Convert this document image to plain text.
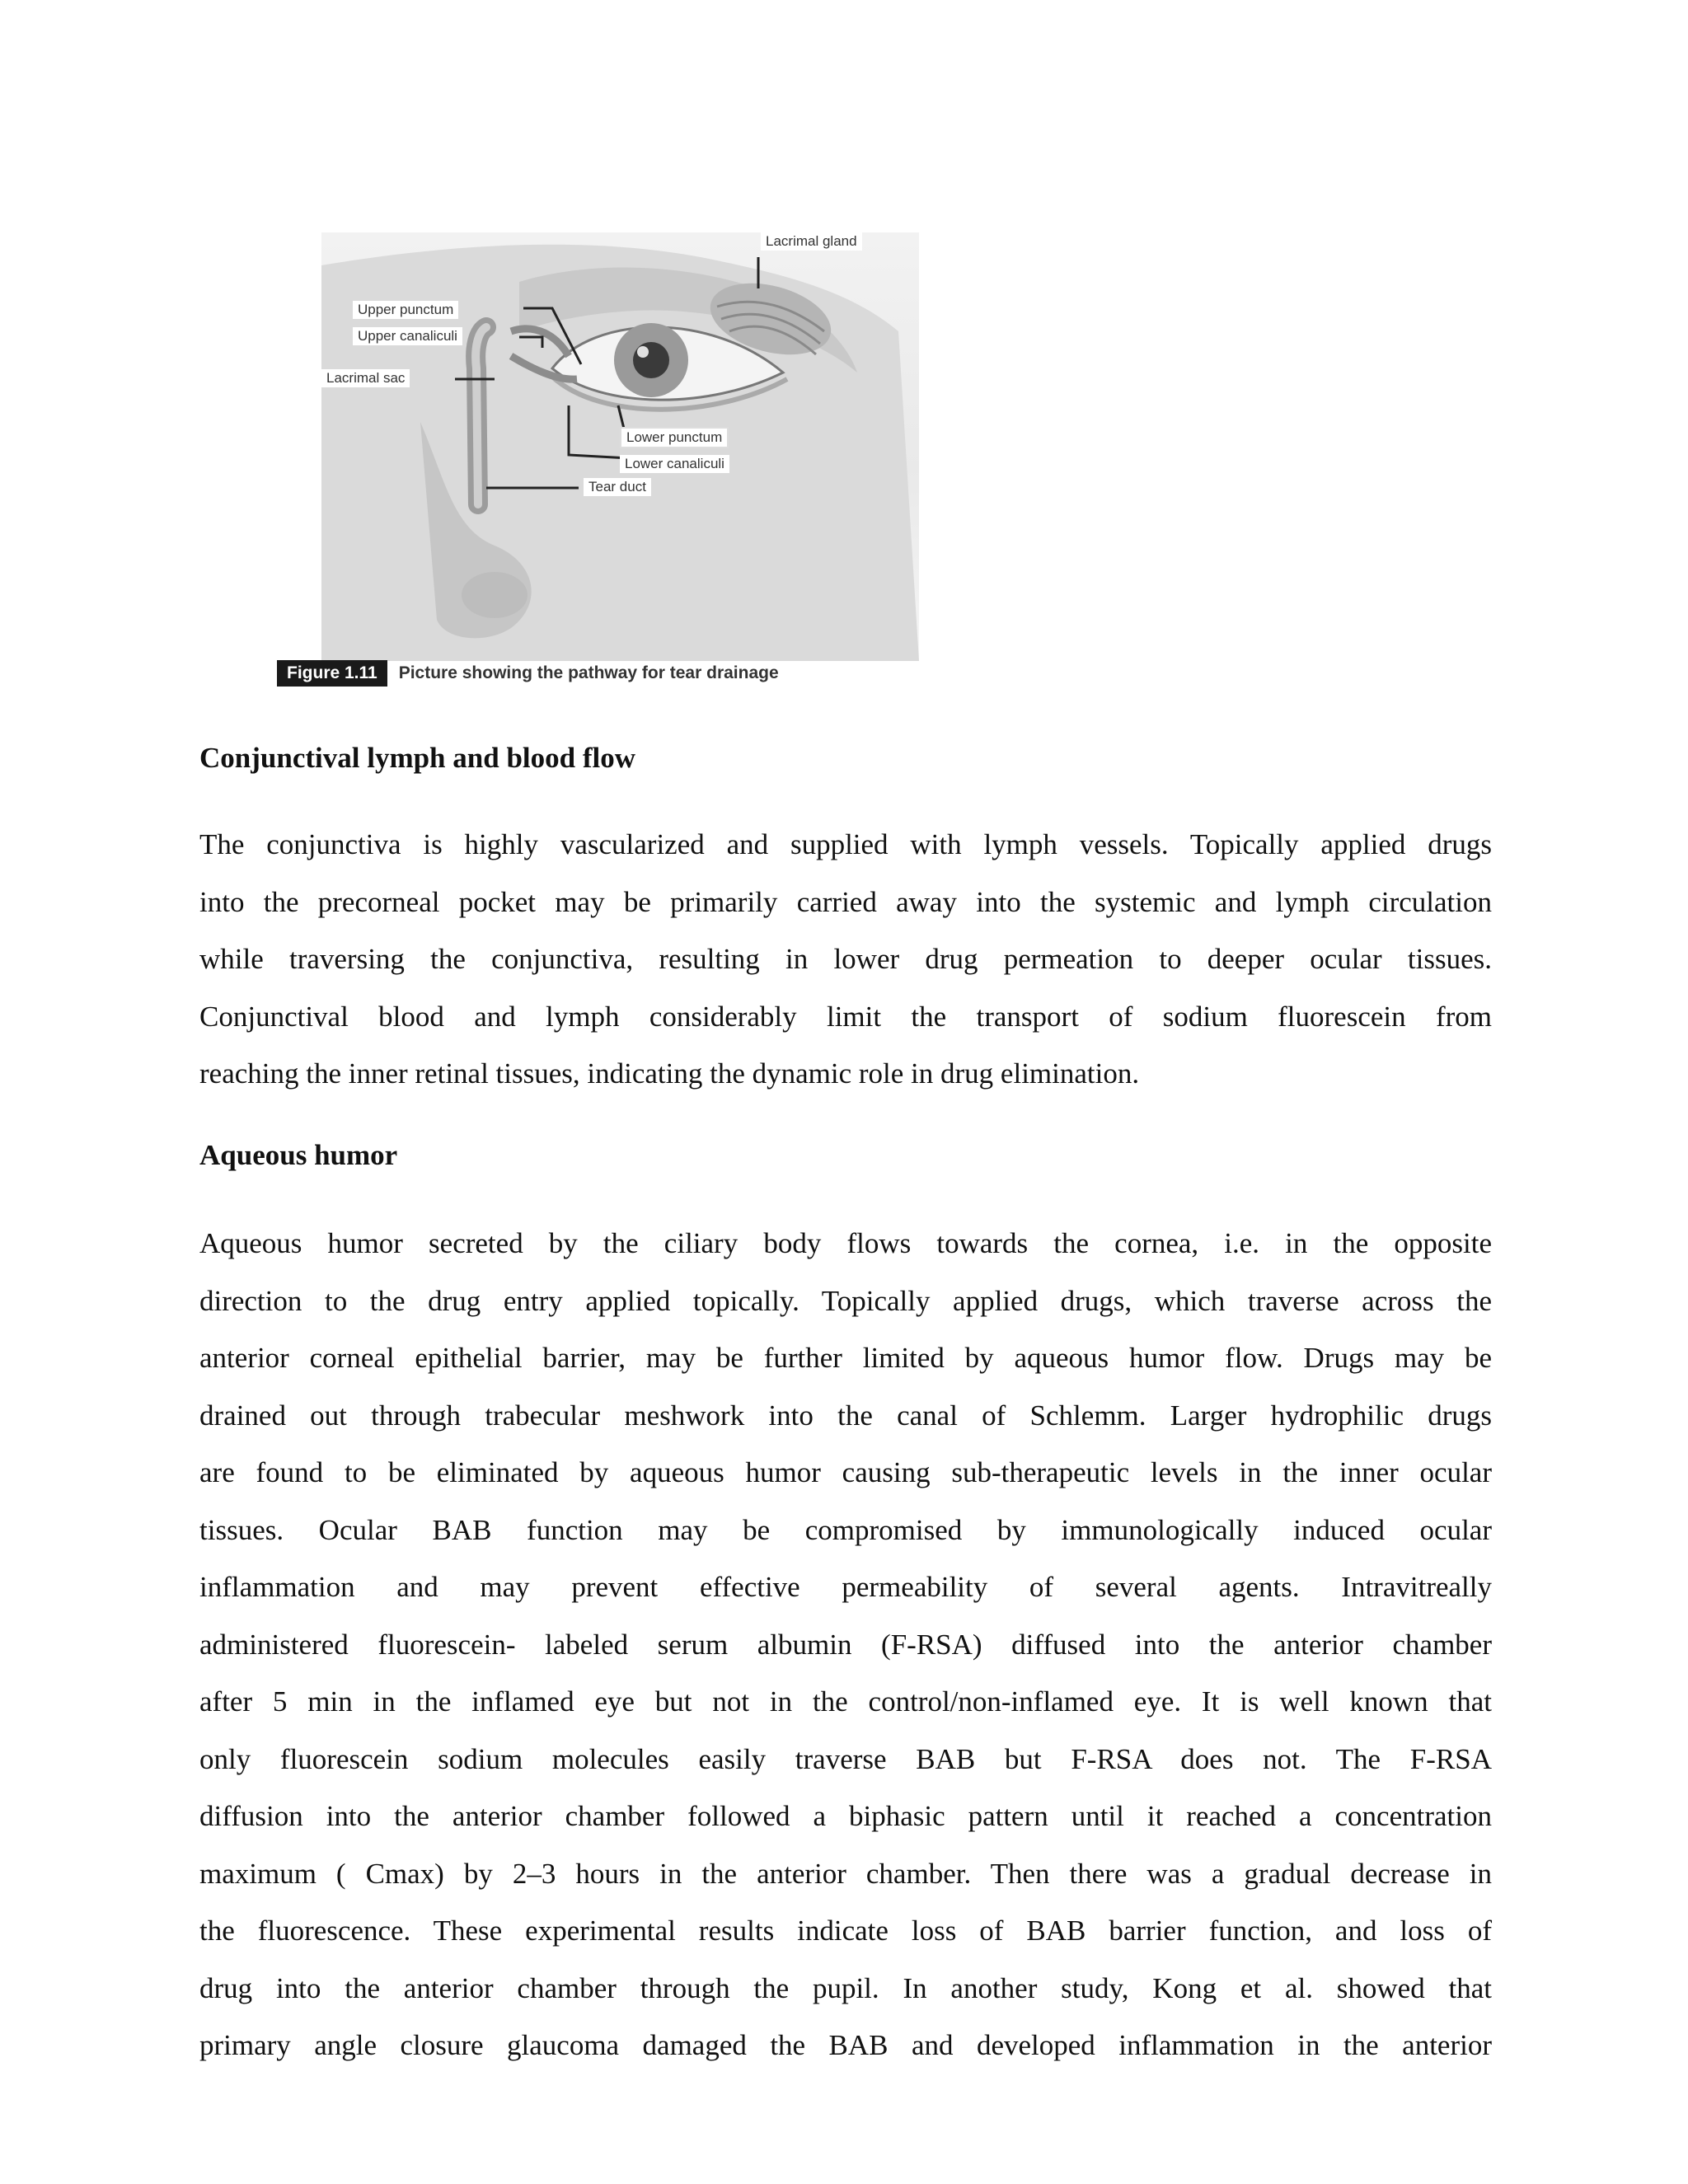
Lacrimal gland
Upper punctum
Upper canaliculi
Lacrimal sac
Lower punctum
Lower canaliculi
Tear duct
Figure 1.11	Picture showing the pathway for tear drainage
Conjunctival lymph and blood flow
The conjunctiva is highly vascularized and supplied with lymph vessels. Topically applied drugs
into the precorneal pocket may be primarily carried away into the systemic and lymph circulation
while traversing the conjunctiva, resulting in lower drug permeation to deeper ocular tissues.
Conjunctival blood and lymph considerably limit the transport of sodium fluorescein from
reaching the inner retinal tissues, indicating the dynamic role in drug elimination.
Aqueous humor
Aqueous humor secreted by the ciliary body flows towards the cornea, i.e. in the opposite
direction to the drug entry applied topically. Topically applied drugs, which traverse across the
anterior corneal epithelial barrier, may be further limited by aqueous humor flow. Drugs may be
drained out through trabecular meshwork into the canal of Schlemm. Larger hydrophilic drugs
are found to be eliminated by aqueous humor causing sub-therapeutic levels in the inner ocular
tissues. Ocular BAB function may be compromised by immunologically induced ocular
inflammation and may prevent effective permeability of several agents. Intravitreally
administered fluorescein- labeled serum albumin (F-RSA) diffused into the anterior chamber
after 5 min in the inflamed eye but not in the control/non-inflamed eye. It is well known that
only fluorescein sodium molecules easily traverse BAB but F-RSA does not. The F-RSA
diffusion into the anterior chamber followed a biphasic pattern until it reached a concentration
maximum ( Cmax) by 2–3 hours in the anterior chamber. Then there was a gradual decrease in
the fluorescence. These experimental results indicate loss of BAB barrier function, and loss of
drug into the anterior chamber through the pupil. In another study, Kong et al. showed that
primary angle closure glaucoma damaged the BAB and developed inflammation in the anterior
